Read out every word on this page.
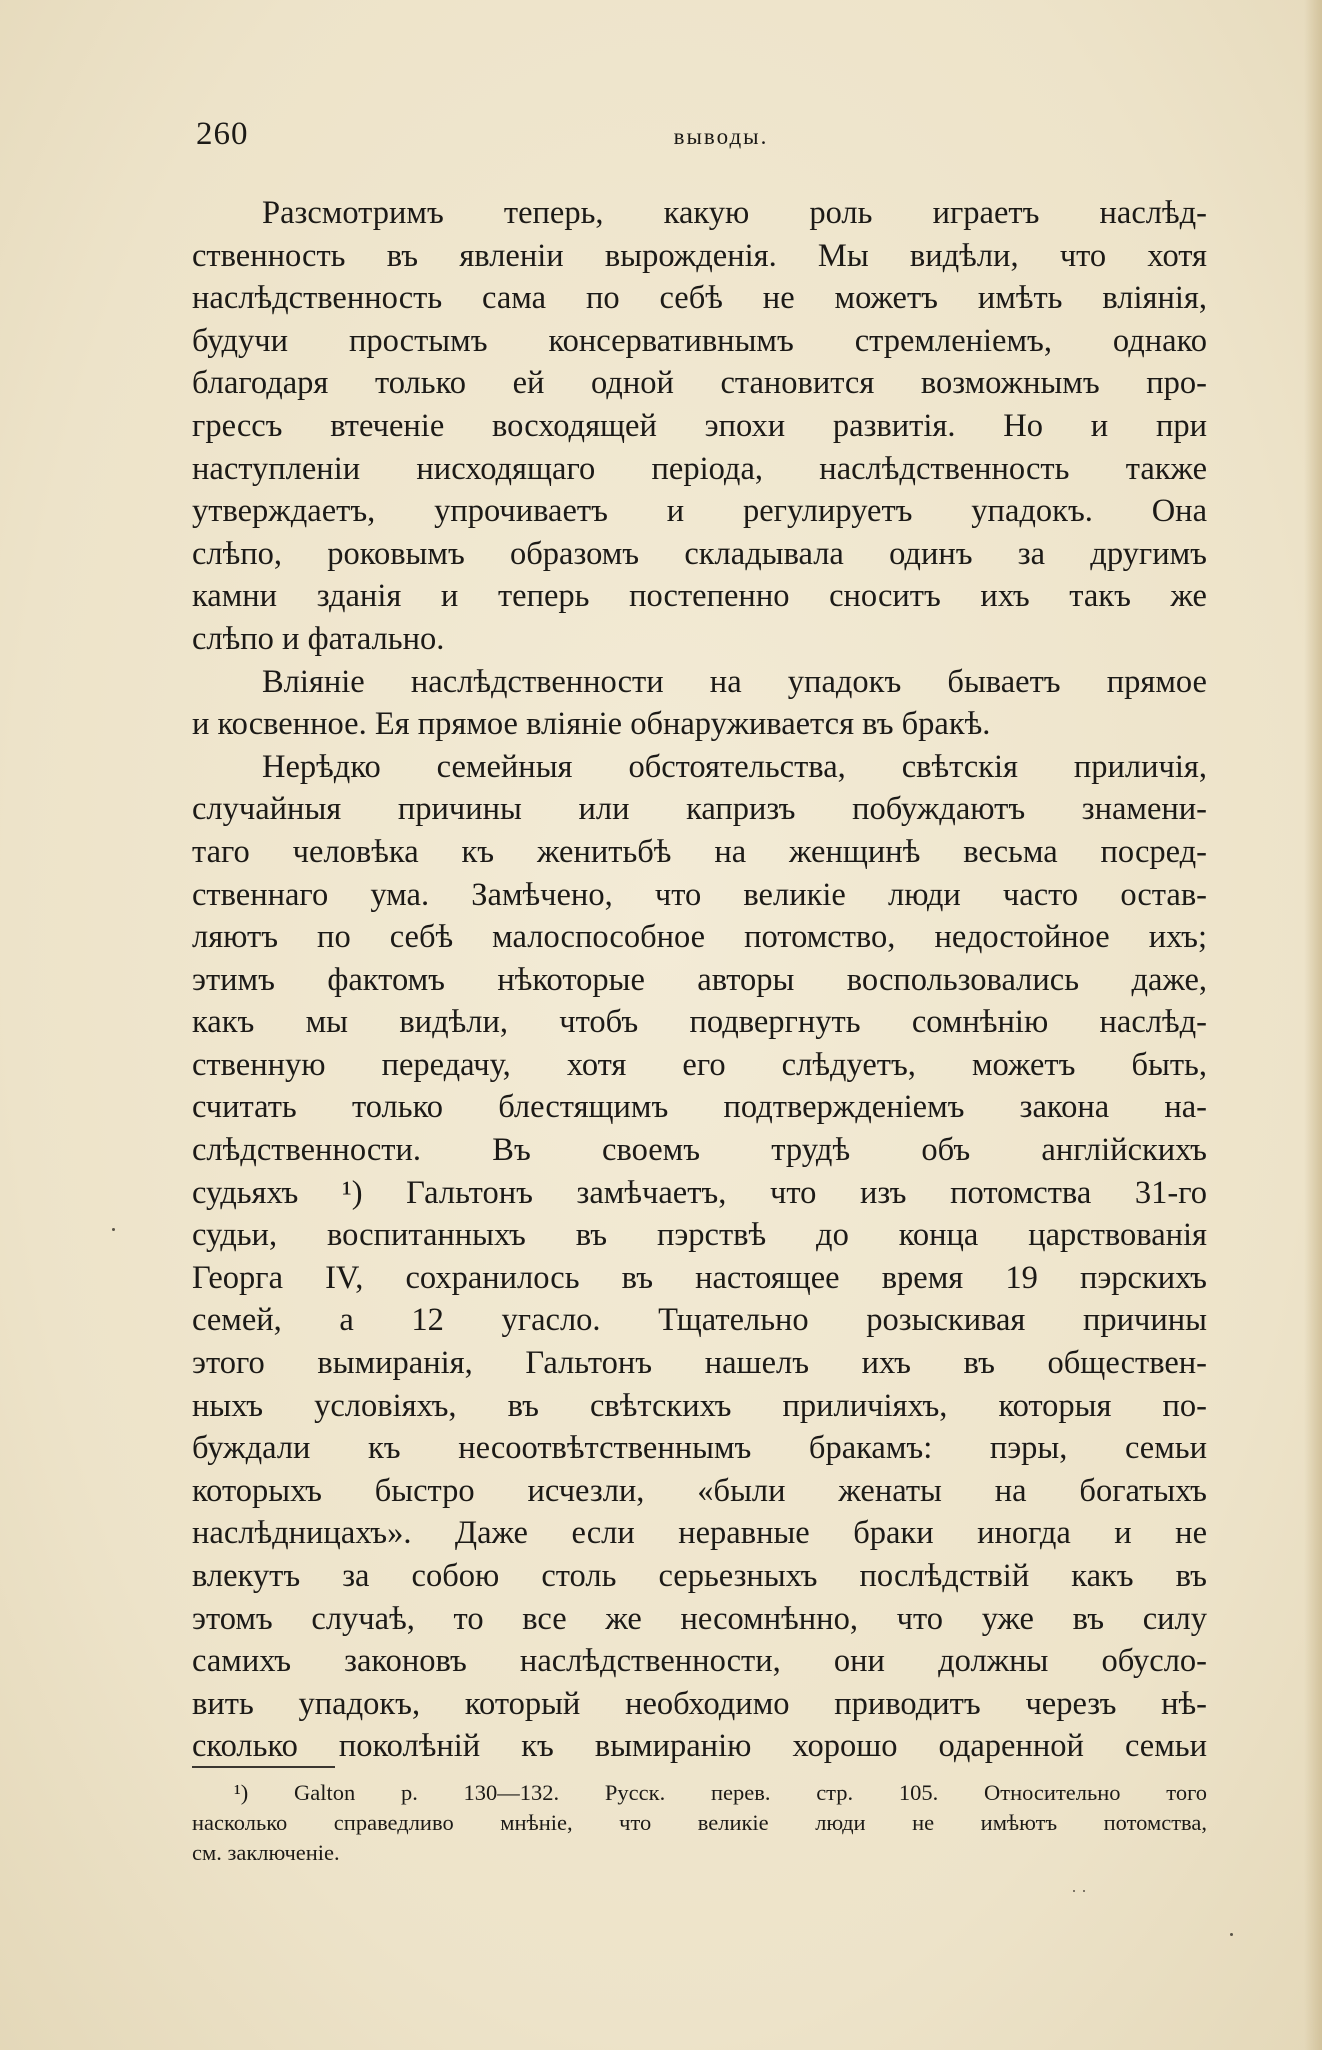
260	выводы.

Разсмотримъ теперь, какую роль играетъ наслѣд-

ственность въ явленіи вырожденія. Мы видѣли, что хотя

наслѣдственность сама по себѣ не можетъ имѣть вліянія,

будучи простымъ консервативнымъ стремленіемъ, однако

благодаря только ей одной становится возможнымъ про-

грессъ втеченіе восходящей эпохи развитія. Но и при

наступленіи нисходящаго періода, наслѣдственность также

утверждаетъ, упрочиваетъ и регулируетъ упадокъ. Она

слѣпо, роковымъ образомъ складывала одинъ за другимъ

камни зданія и теперь постепенно сноситъ ихъ такъ же

слѣпо и фатально.

Вліяніе наслѣдственности на упадокъ бываетъ прямое

и косвенное. Ея прямое вліяніе обнаруживается въ бракѣ.

Нерѣдко семейныя обстоятельства, свѣтскія приличія,

случайныя причины или капризъ побуждаютъ знамени-

таго человѣка къ женитьбѣ на женщинѣ весьма посред-

ственнаго ума. Замѣчено, что великіе люди часто остав-

ляютъ по себѣ малоспособное потомство, недостойное ихъ;

этимъ фактомъ нѣкоторые авторы воспользовались даже,

какъ мы видѣли, чтобъ подвергнуть сомнѣнію наслѣд-

ственную передачу, хотя его слѣдуетъ, можетъ быть,

считать только блестящимъ подтвержденіемъ закона на-

слѣдственности. Въ своемъ трудѣ объ англійскихъ

судьяхъ ¹) Гальтонъ замѣчаетъ, что изъ потомства 31-го

судьи, воспитанныхъ въ пэрствѣ до конца царствованія

Георга IV, сохранилось въ настоящее время 19 пэрскихъ

семей, а 12 угасло. Тщательно розыскивая причины

этого вымиранія, Гальтонъ нашелъ ихъ въ обществен-

ныхъ условіяхъ, въ свѣтскихъ приличіяхъ, которыя по-

буждали къ несоотвѣтственнымъ бракамъ: пэры, семьи

которыхъ быстро исчезли, «были женаты на богатыхъ

наслѣдницахъ». Даже если неравные браки иногда и не

влекутъ за собою столь серьезныхъ послѣдствій какъ въ

этомъ случаѣ, то все же несомнѣнно, что уже въ силу

самихъ законовъ наслѣдственности, они должны обусло-

вить упадокъ, который необходимо приводитъ черезъ нѣ-

сколько поколѣній къ вымиранію хорошо одаренной семьи

¹) Galton p. 130—132. Русск. перев. стр. 105. Относительно того

насколько справедливо мнѣніе, что великіе люди не имѣютъ потомства,

см. заключеніе.
